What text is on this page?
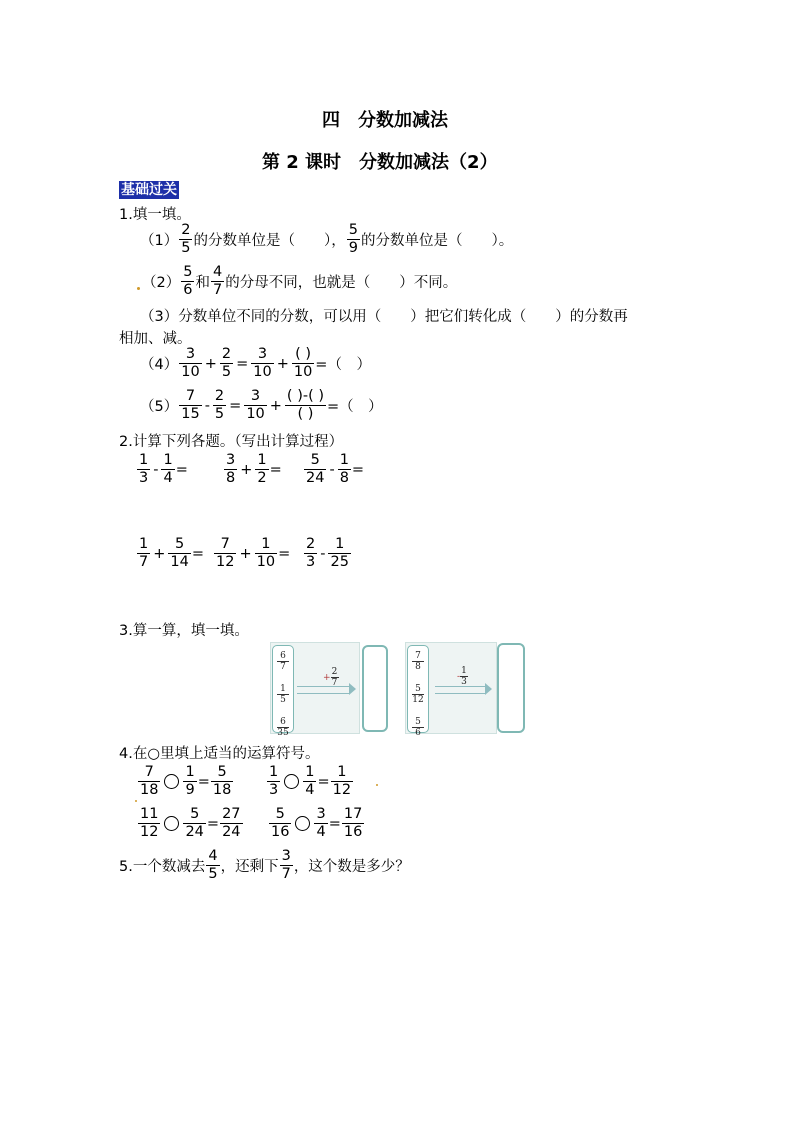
四　分数加减法
第 2 课时　分数加减法（2）
基础过关
1.填一填。
$(1) \frac{2}{5}$ 的分数单位是（　　）， $\frac{5}{9}$ 的分数单位是（　　）。
$(2) \frac{5}{6}$ 和 $\frac{4}{7}$ 的分母不同，也就是（　　）不同。
（3）分数单位不同的分数，可以用（　　）把它们转化成（　　）的分数再
相加、减。
$(4) \frac{3}{10} + \frac{2}{5} = \frac{3}{10}$ +
( )
10 =（　）
$(5) \frac{7}{15} - \frac{2}{5} = \frac{3}{10}$ +
( )-( )
( ) =（　）
2.计算下列各题。（写出计算过程）
$\frac{1}{3} - \frac{1}{4} = \frac{3}{8} + \frac{1}{2} = \frac{5}{24} - \frac{1}{8}$ =
$\frac{1}{7} + \frac{5}{14} = \frac{7}{12} + \frac{1}{10} = \frac{2}{3} - \frac{1}{25}$
3.算一算，填一填。
6
7
1
5
6
35
+ $\frac{2}{7}$
7
8
5
12
5
6
- $\frac{1}{3}$
4.在○里填上适当的运算符号。
$\frac{7}{18} \frac{1}{9} = \frac{5}{18} \frac{1}{3} \frac{1}{4} = \frac{1}{12}$
$\frac{11}{12} \frac{5}{24} = \frac{27}{24} \frac{5}{16} \frac{3}{4} = \frac{17}{16}$
5.一个数减去 $\frac{4}{5}$ ，还剩下 $\frac{3}{7}$ ，这个数是多少？
